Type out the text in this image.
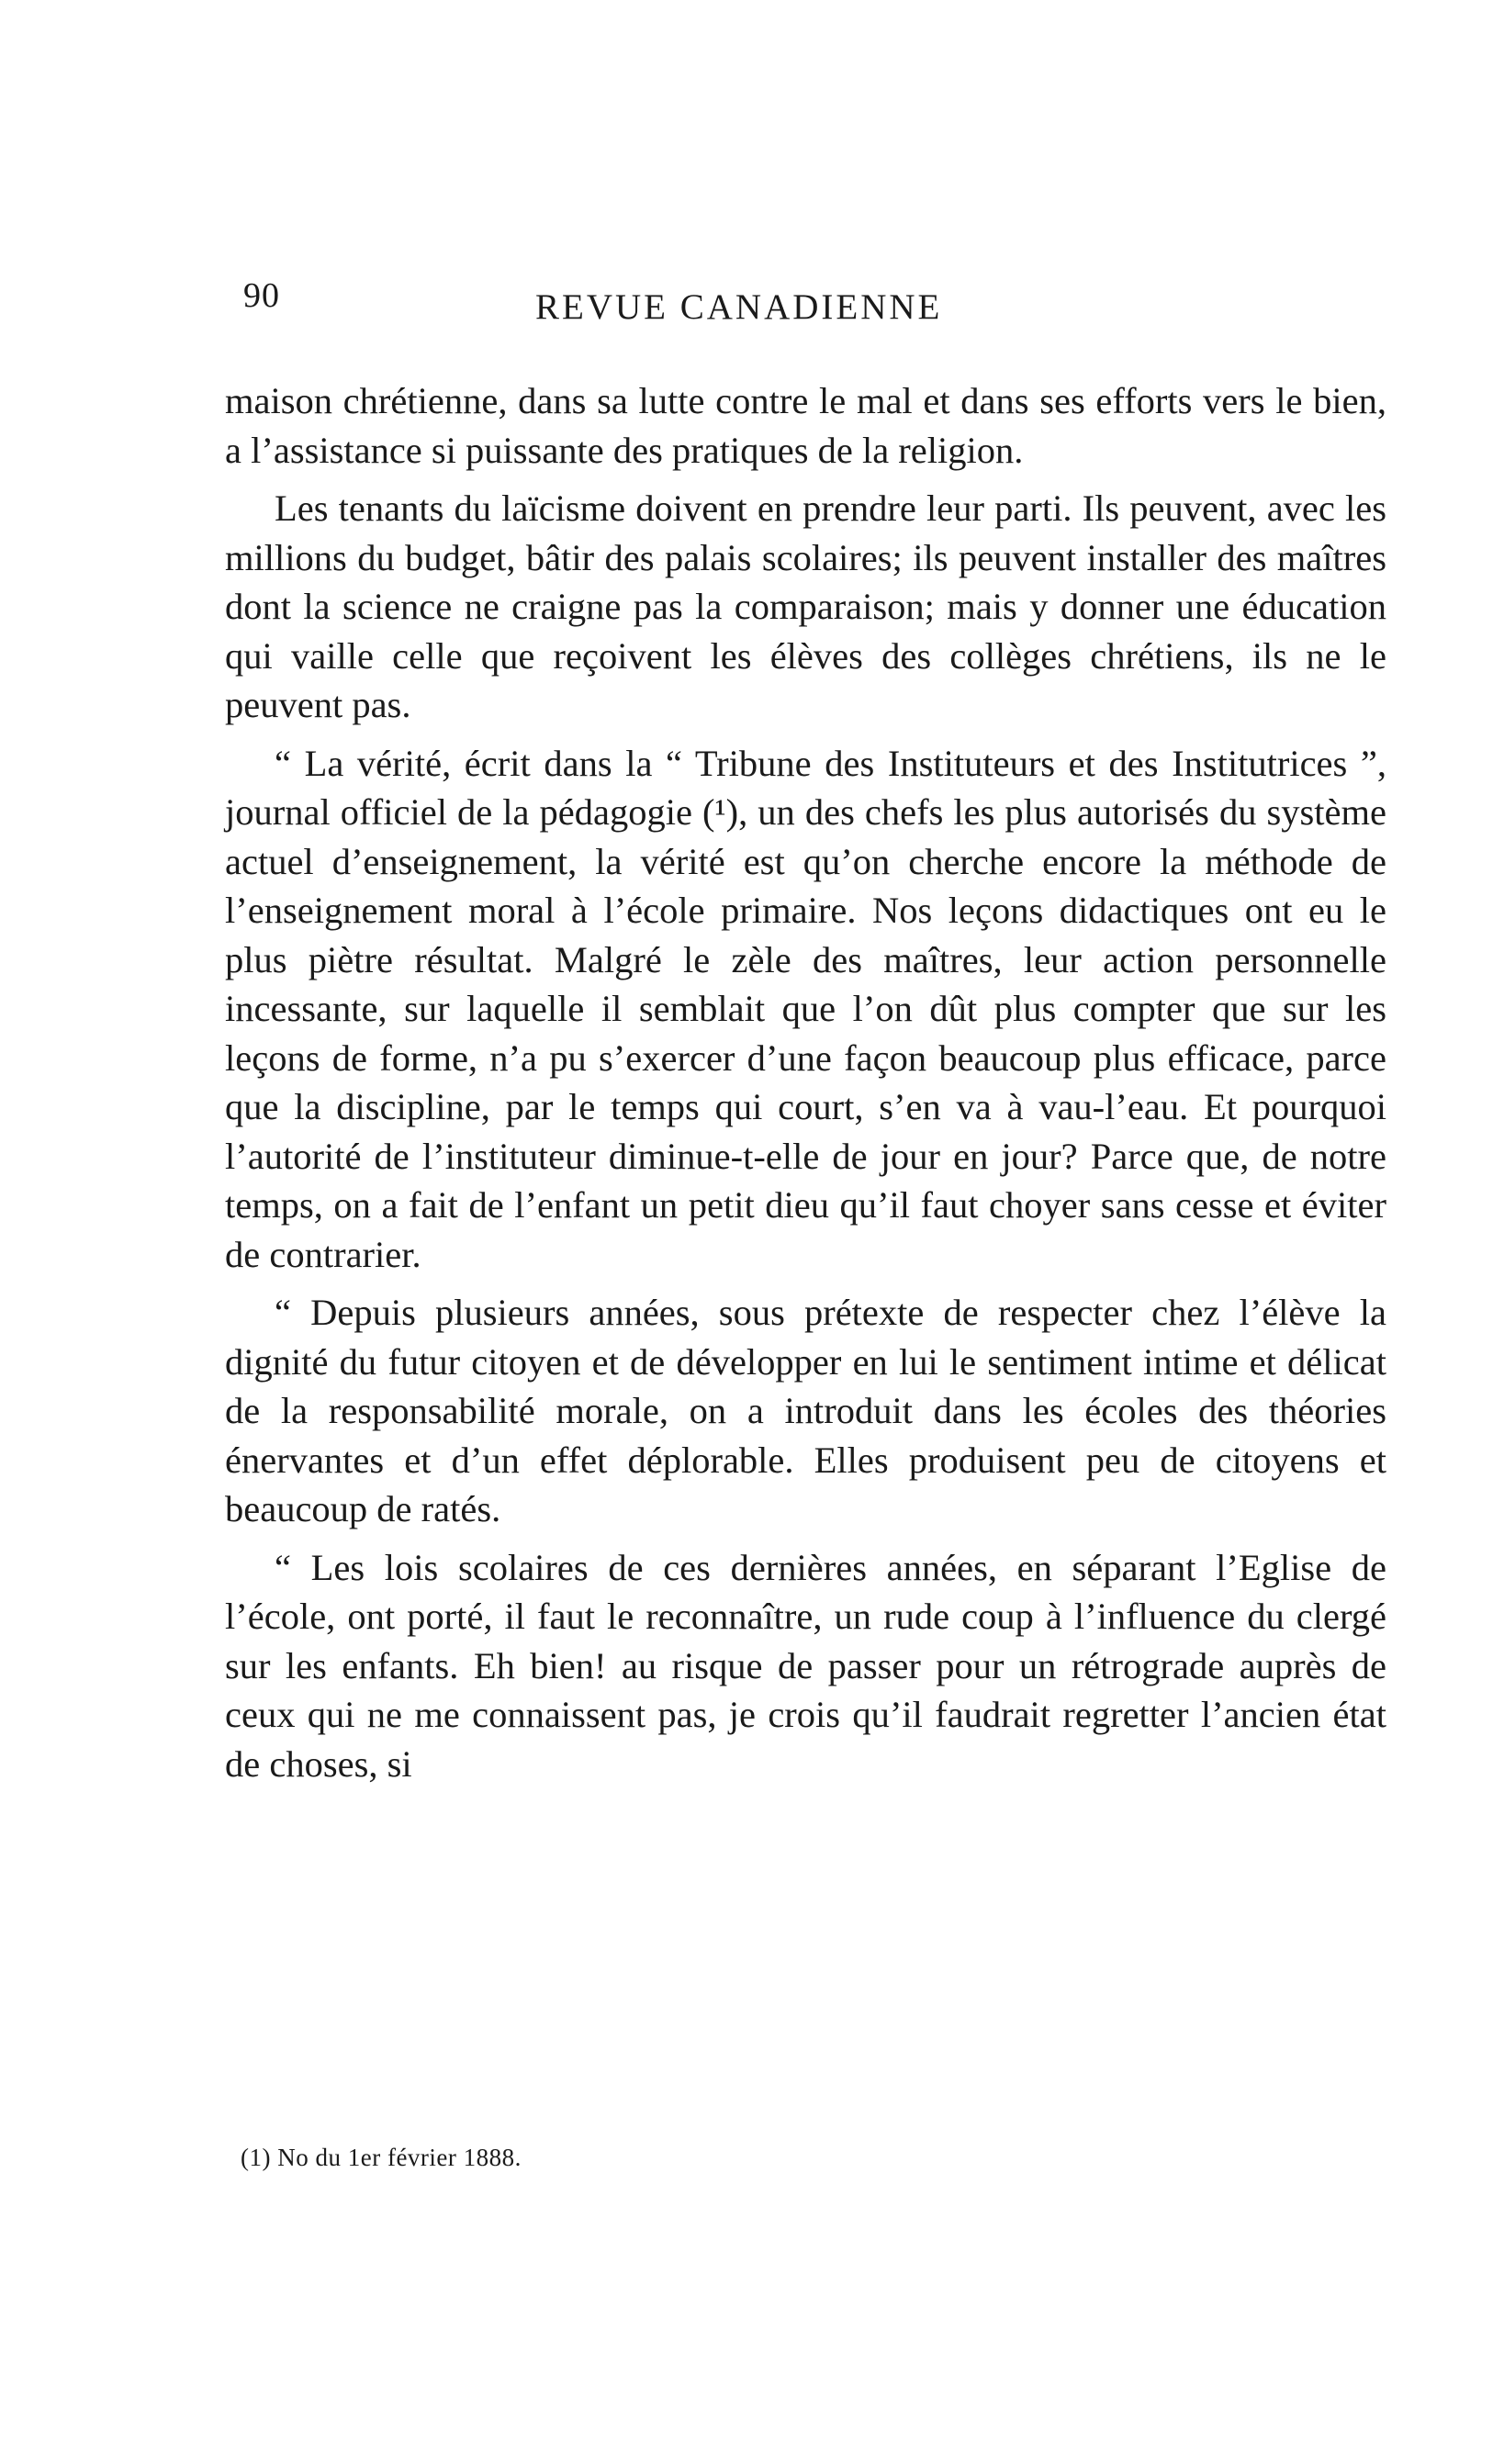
90	REVUE CANADIENNE

maison chrétienne, dans sa lutte contre le mal et dans ses efforts vers le bien, a l’assistance si puissante des pratiques de la religion.

Les tenants du laïcisme doivent en prendre leur parti. Ils peuvent, avec les millions du budget, bâtir des palais scolaires; ils peuvent installer des maîtres dont la science ne craigne pas la comparaison; mais y donner une éducation qui vaille celle que reçoivent les élèves des collèges chrétiens, ils ne le peuvent pas.

“ La vérité, écrit dans la “ Tribune des Instituteurs et des Institutrices ”, journal officiel de la pédagogie (¹), un des chefs les plus autorisés du système actuel d’enseignement, la vérité est qu’on cherche encore la méthode de l’enseignement moral à l’école primaire. Nos leçons didactiques ont eu le plus piètre résultat. Malgré le zèle des maîtres, leur action personnelle incessante, sur laquelle il semblait que l’on dût plus compter que sur les leçons de forme, n’a pu s’exercer d’une façon beaucoup plus efficace, parce que la discipline, par le temps qui court, s’en va à vau-l’eau. Et pourquoi l’autorité de l’instituteur diminue-t-elle de jour en jour? Parce que, de notre temps, on a fait de l’enfant un petit dieu qu’il faut choyer sans cesse et éviter de contrarier.

“ Depuis plusieurs années, sous prétexte de respecter chez l’élève la dignité du futur citoyen et de développer en lui le sentiment intime et délicat de la responsabilité morale, on a introduit dans les écoles des théories énervantes et d’un effet déplorable. Elles produisent peu de citoyens et beaucoup de ratés.

“ Les lois scolaires de ces dernières années, en séparant l’Eglise de l’école, ont porté, il faut le reconnaître, un rude coup à l’influence du clergé sur les enfants. Eh bien! au risque de passer pour un rétrograde auprès de ceux qui ne me connaissent pas, je crois qu’il faudrait regretter l’ancien état de choses, si

(1) No du 1er février 1888.
